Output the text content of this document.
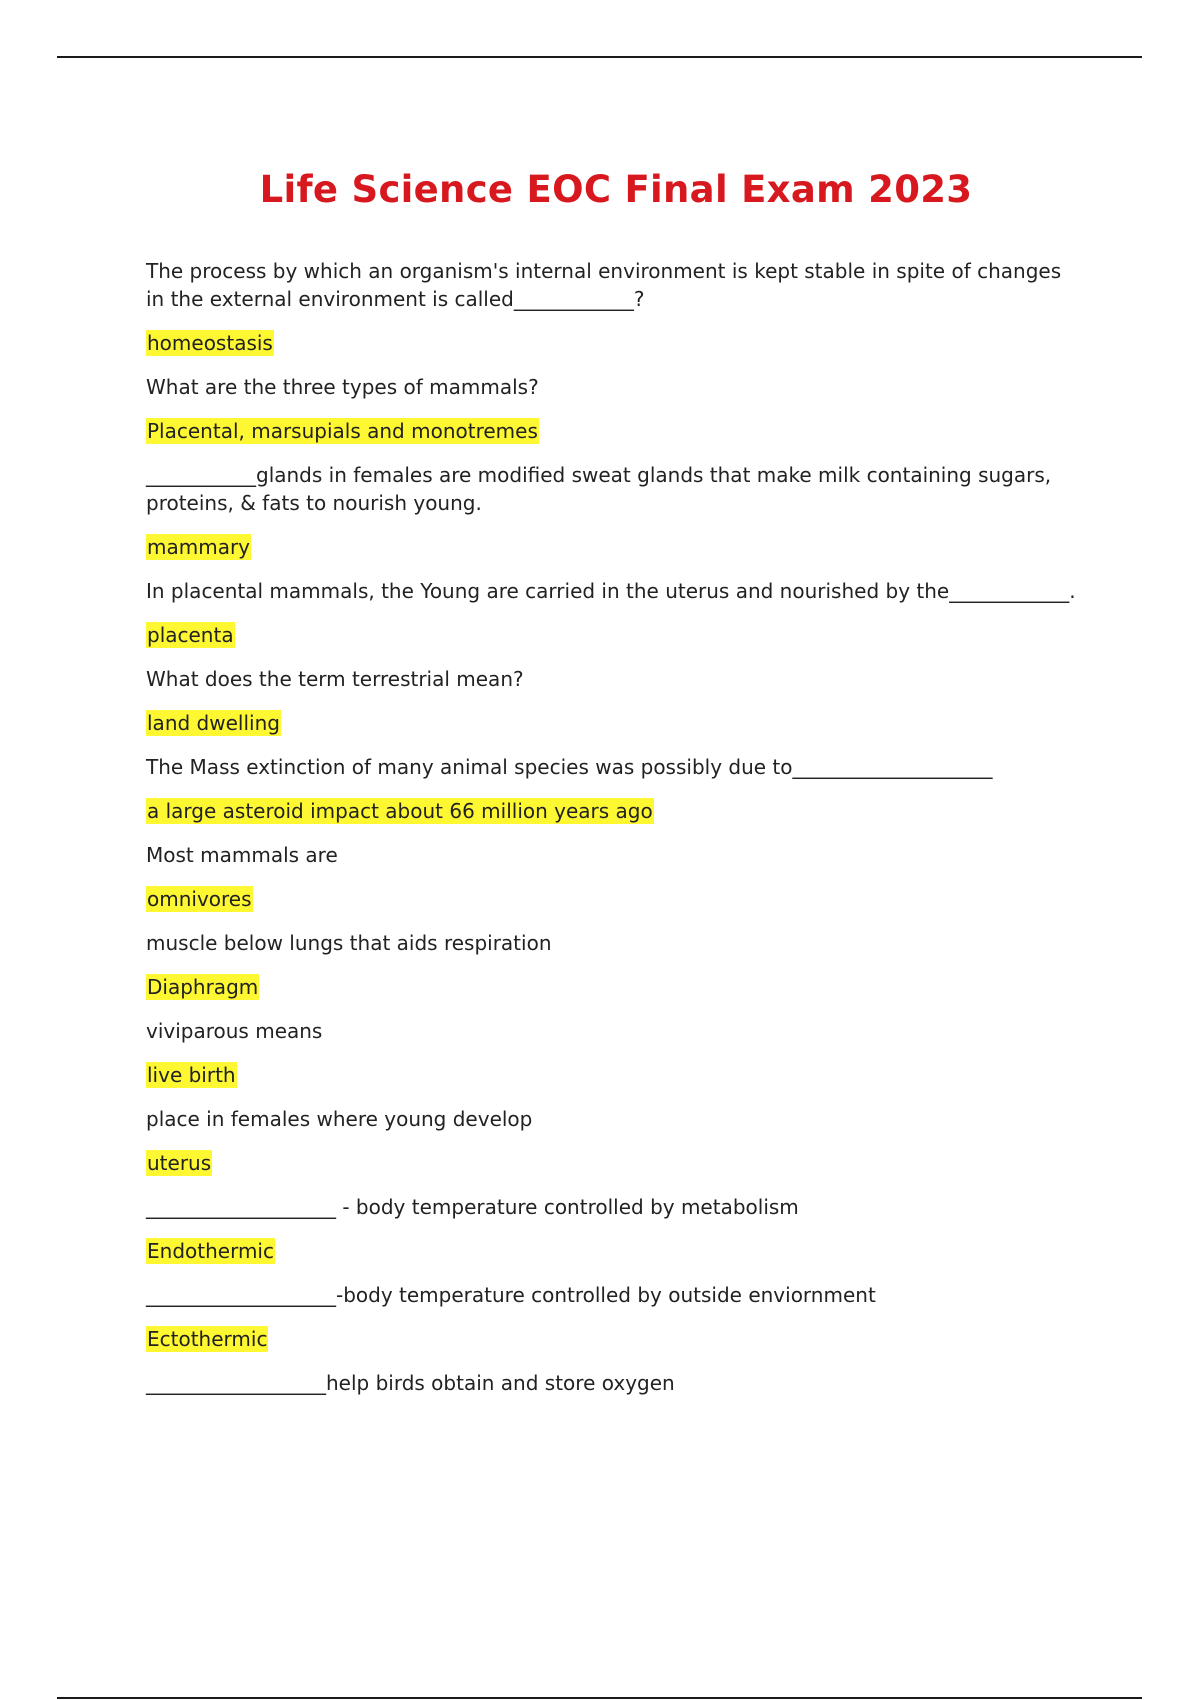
Life Science EOC Final Exam 2023

The process by which an organism's internal environment is kept stable in spite of changes in the external environment is called____________?

homeostasis

What are the three types of mammals?

Placental, marsupials and monotremes

___________glands in females are modified sweat glands that make milk containing sugars, proteins, & fats to nourish young.

mammary

In placental mammals, the Young are carried in the uterus and nourished by the____________.

placenta

What does the term terrestrial mean?

land dwelling

The Mass extinction of many animal species was possibly due to____________________

a large asteroid impact about 66 million years ago

Most mammals are

omnivores

muscle below lungs that aids respiration

Diaphragm

viviparous means

live birth

place in females where young develop

uterus

___________________ - body temperature controlled by metabolism

Endothermic

___________________-body temperature controlled by outside enviornment

Ectothermic

__________________help birds obtain and store oxygen
